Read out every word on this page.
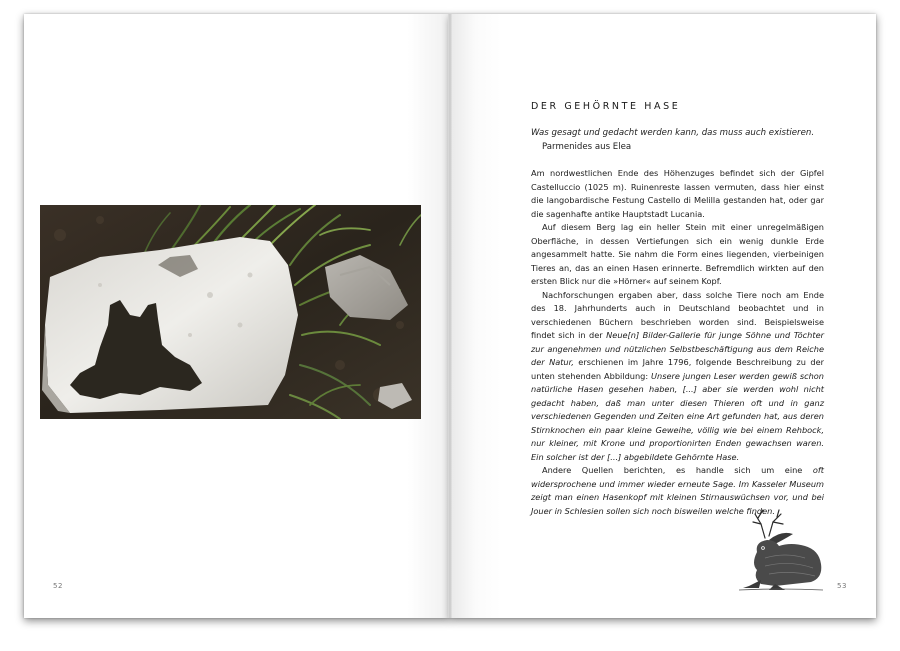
52
DER GEHÖRNTE HASE
Was gesagt und gedacht werden kann, das muss auch existieren.
Parmenides aus Elea

Am nordwestlichen Ende des Höhenzuges befindet sich der Gipfel Castelluccio (1025 m). Ruinenreste lassen vermuten, dass hier einst die langobardische Festung Castello di Melilla gestanden hat, oder gar die sagenhafte antike Hauptstadt Lucania.

Auf diesem Berg lag ein heller Stein mit einer unregelmäßigen Oberfläche, in dessen Vertiefungen sich ein wenig dunkle Erde angesammelt hatte. Sie nahm die Form eines liegenden, vierbeinigen Tieres an, das an einen Hasen erinnerte. Befremdlich wirkten auf den ersten Blick nur die »Hörner« auf seinem Kopf.

Nachforschungen ergaben aber, dass solche Tiere noch am Ende des 18. Jahrhunderts auch in Deutschland beobachtet und in verschiedenen Büchern beschrieben worden sind. Beispielsweise findet sich in der Neue[n] Bilder-Gallerie für junge Söhne und Töchter zur angenehmen und nützlichen Selbstbeschäftigung aus dem Reiche der Natur, erschienen im Jahre 1796, folgende Beschreibung zu der unten stehenden Abbildung: Unsere jungen Leser werden gewiß schon natürliche Hasen gesehen haben, [...] aber sie werden wohl nicht gedacht haben, daß man unter diesen Thieren oft und in ganz verschiedenen Gegenden und Zeiten eine Art gefunden hat, aus deren Stirnknochen ein paar kleine Geweihe, völlig wie bei einem Rehbock, nur kleiner, mit Krone und proportionirten Enden gewachsen waren. Ein solcher ist der [...] abgebildete Gehörnte Hase.

Andere Quellen berichten, es handle sich um eine oft widersprochene und immer wieder erneute Sage. Im Kasseler Museum zeigt man einen Hasenkopf mit kleinen Stirnauswüchsen vor, und bei Jouer in Schlesien sollen sich noch bisweilen welche finden.

53
